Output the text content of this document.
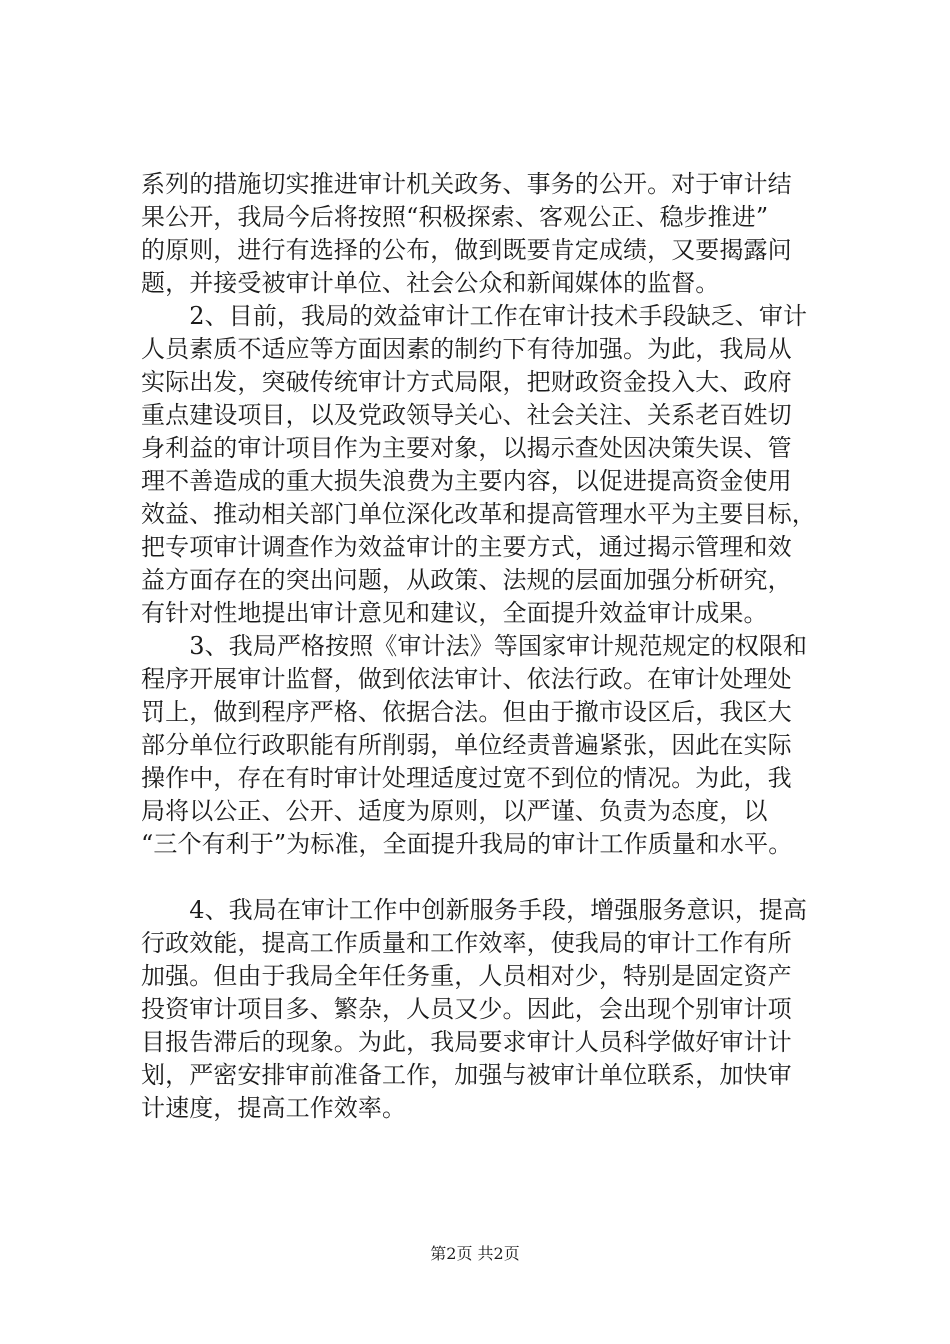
系列的措施切实推进审计机关政务、事务的公开。对于审计结
果公开，我局今后将按照“积极探索、客观公正、稳步推进”
的原则，进行有选择的公布，做到既要肯定成绩，又要揭露问
题，并接受被审计单位、社会公众和新闻媒体的监督。
　　2、目前，我局的效益审计工作在审计技术手段缺乏、审计
人员素质不适应等方面因素的制约下有待加强。为此，我局从
实际出发，突破传统审计方式局限，把财政资金投入大、政府
重点建设项目，以及党政领导关心、社会关注、关系老百姓切
身利益的审计项目作为主要对象，以揭示查处因决策失误、管
理不善造成的重大损失浪费为主要内容，以促进提高资金使用
效益、推动相关部门单位深化改革和提高管理水平为主要目标，
把专项审计调查作为效益审计的主要方式，通过揭示管理和效
益方面存在的突出问题，从政策、法规的层面加强分析研究，
有针对性地提出审计意见和建议，全面提升效益审计成果。
　　3、我局严格按照《审计法》等国家审计规范规定的权限和
程序开展审计监督，做到依法审计、依法行政。在审计处理处
罚上，做到程序严格、依据合法。但由于撤市设区后，我区大
部分单位行政职能有所削弱，单位经责普遍紧张，因此在实际
操作中，存在有时审计处理适度过宽不到位的情况。为此，我
局将以公正、公开、适度为原则，以严谨、负责为态度，以
“三个有利于”为标准，全面提升我局的审计工作质量和水平。
　　4、我局在审计工作中创新服务手段，增强服务意识，提高
行政效能，提高工作质量和工作效率，使我局的审计工作有所
加强。但由于我局全年任务重，人员相对少，特别是固定资产
投资审计项目多、繁杂，人员又少。因此，会出现个别审计项
目报告滞后的现象。为此，我局要求审计人员科学做好审计计
划，严密安排审前准备工作，加强与被审计单位联系，加快审
计速度，提高工作效率。
第2页 共2页
